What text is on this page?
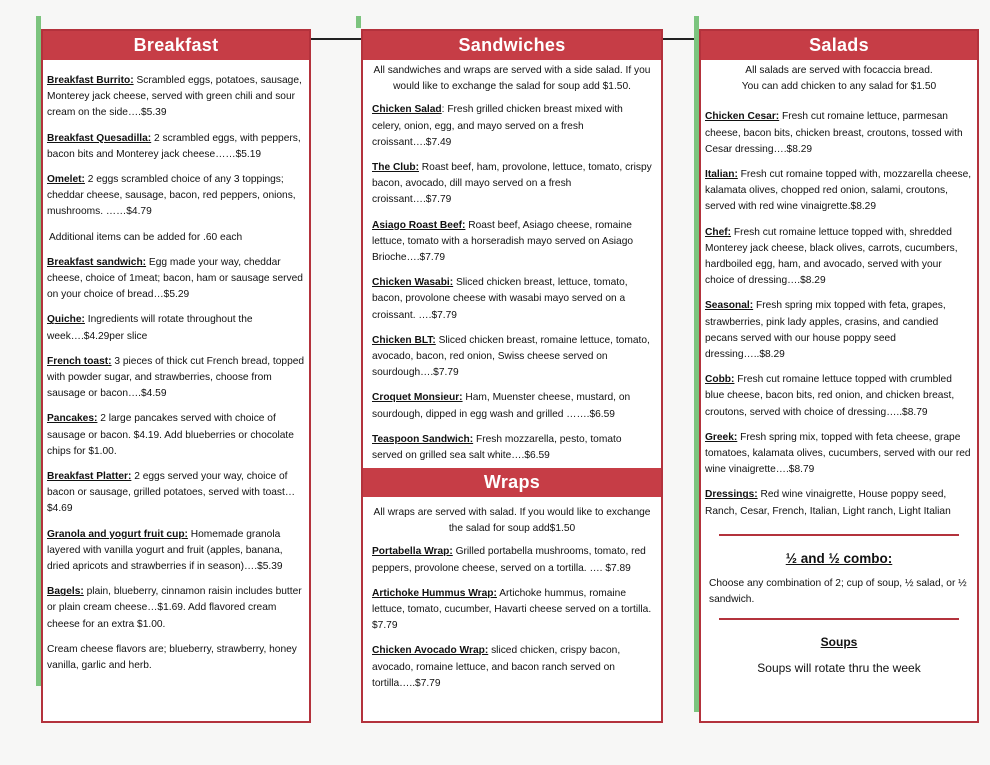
Breakfast
Breakfast Burrito: Scrambled eggs, potatoes, sausage, Monterey jack cheese, served with green chili and sour cream on the side….$5.39
Breakfast Quesadilla: 2 scrambled eggs, with peppers, bacon bits and Monterey jack cheese……$5.19
Omelet: 2 eggs scrambled choice of any 3 toppings; cheddar cheese, sausage, bacon, red peppers, onions, mushrooms. ……$4.79
Additional items can be added for .60 each
Breakfast sandwich: Egg made your way, cheddar cheese, choice of 1meat; bacon, ham or sausage served on your choice of bread…$5.29
Quiche: Ingredients will rotate throughout the week….$4.29per slice
French toast: 3 pieces of thick cut French bread, topped with powder sugar, and strawberries, choose from sausage or bacon….$4.59
Pancakes: 2 large pancakes served with choice of sausage or bacon. $4.19. Add blueberries or chocolate chips for $1.00.
Breakfast Platter: 2 eggs served your way, choice of bacon or sausage, grilled potatoes, served with toast… $4.69
Granola and yogurt fruit cup: Homemade granola layered with vanilla yogurt and fruit (apples, banana, dried apricots and strawberries if in season)….$5.39
Bagels: plain, blueberry, cinnamon raisin includes butter or plain cream cheese…$1.69. Add flavored cream cheese for an extra $1.00.
Cream cheese flavors are; blueberry, strawberry, honey vanilla, garlic and herb.
Sandwiches
All sandwiches and wraps are served with a side salad. If you would like to exchange the salad for soup add $1.50.
Chicken Salad: Fresh grilled chicken breast mixed with celery, onion, egg, and mayo served on a fresh croissant….$7.49
The Club: Roast beef, ham, provolone, lettuce, tomato, crispy bacon, avocado, dill mayo served on a fresh croissant….$7.79
Asiago Roast Beef: Roast beef, Asiago cheese, romaine lettuce, tomato with a horseradish mayo served on Asiago Brioche….$7.79
Chicken Wasabi: Sliced chicken breast, lettuce, tomato, bacon, provolone cheese with wasabi mayo served on a croissant. ….$7.79
Chicken BLT: Sliced chicken breast, romaine lettuce, tomato, avocado, bacon, red onion, Swiss cheese served on sourdough….$7.79
Croquet Monsieur: Ham, Muenster cheese, mustard, on sourdough, dipped in egg wash and grilled …….$6.59
Teaspoon Sandwich: Fresh mozzarella, pesto, tomato served on grilled sea salt white….$6.59
Wraps
All wraps are served with salad. If you would like to exchange the salad for soup add$1.50
Portabella Wrap: Grilled portabella mushrooms, tomato, red peppers, provolone cheese, served on a tortilla. …. $7.89
Artichoke Hummus Wrap: Artichoke hummus, romaine lettuce, tomato, cucumber, Havarti cheese served on a tortilla. $7.79
Chicken Avocado Wrap: sliced chicken, crispy bacon, avocado, romaine lettuce, and bacon ranch served on tortilla…..$7.79
Salads
All salads are served with focaccia bread.
You can add chicken to any salad for $1.50
Chicken Cesar: Fresh cut romaine lettuce, parmesan cheese, bacon bits, chicken breast, croutons, tossed with Cesar dressing….$8.29
Italian: Fresh cut romaine topped with, mozzarella cheese, kalamata olives, chopped red onion, salami, croutons, served with red wine vinaigrette.$8.29
Chef: Fresh cut romaine lettuce topped with, shredded Monterey jack cheese, black olives, carrots, cucumbers, hardboiled egg, ham, and avocado, served with your choice of dressing….$8.29
Seasonal: Fresh spring mix topped with feta, grapes, strawberries, pink lady apples, crasins, and candied pecans served with our house poppy seed dressing…..$8.29
Cobb: Fresh cut romaine lettuce topped with crumbled blue cheese, bacon bits, red onion, and chicken breast, croutons, served with choice of dressing…..$8.79
Greek: Fresh spring mix, topped with feta cheese, grape tomatoes, kalamata olives, cucumbers, served with our red wine vinaigrette….$8.79
Dressings: Red wine vinaigrette, House poppy seed, Ranch, Cesar, French, Italian, Light ranch, Light Italian
½ and ½ combo:
Choose any combination of 2; cup of soup, ½ salad, or ½ sandwich.
Soups
Soups will rotate thru the week
